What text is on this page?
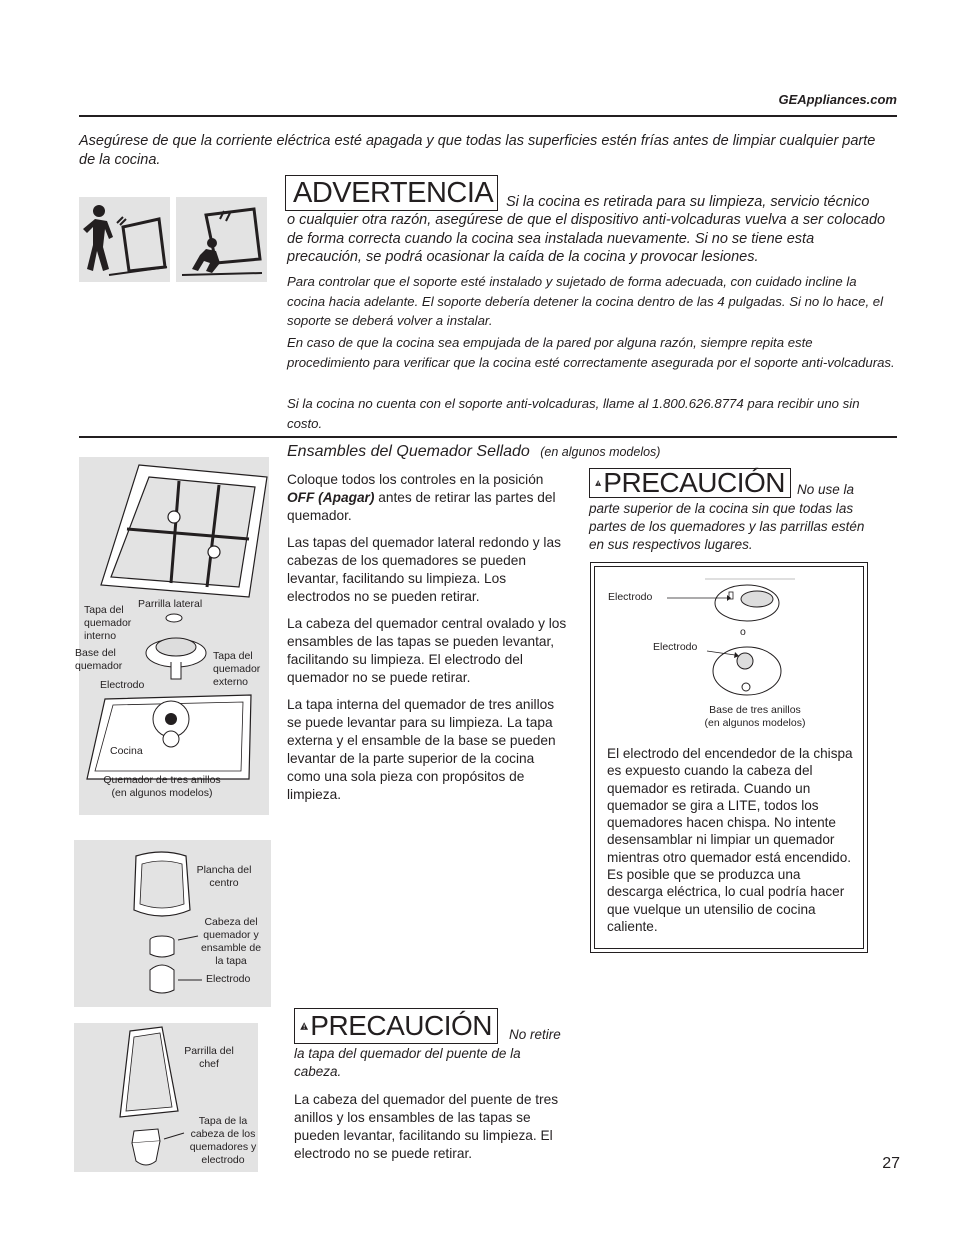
GEAppliances.com
Asegúrese de que la corriente eléctrica esté apagada y que todas las superficies estén frías antes de limpiar cualquier parte de la cocina.
ADVERTENCIA Si la cocina es retirada para su limpieza, servicio técnico
o cualquier otra razón, asegúrese de que el dispositivo anti-volcaduras vuelva a ser colocado de forma correcta cuando la cocina sea instalada nuevamente. Si no se tiene esta precaución, se podrá ocasionar la caída de la cocina y provocar lesiones.
Para controlar que el soporte esté instalado y sujetado de forma adecuada, con cuidado incline la cocina hacia adelante. El soporte debería detener la cocina dentro de las 4 pulgadas. Si no lo hace, el soporte se deberá volver a instalar.
En caso de que la cocina sea empujada de la pared por alguna razón, siempre repita este procedimiento para verificar que la cocina esté correctamente asegurada por el soporte anti-volcaduras.
Si la cocina no cuenta con el soporte anti-volcaduras, llame al 1.800.626.8774 para recibir uno sin costo.
Ensambles del Quemador Sellado (en algunos modelos)
Parrilla lateral
Tapa del quemador interno
Base del quemador
Tapa del quemador externo
Electrodo
Cocina
Quemador de tres anillos
(en algunos modelos)

Coloque todos los controles en la posición OFF (Apagar) antes de retirar las partes del quemador.

Las tapas del quemador lateral redondo y las cabezas de los quemadores se pueden levantar, facilitando su limpieza. Los electrodos no se pueden retirar.

La cabeza del quemador central ovalado y los ensambles de las tapas se pueden levantar, facilitando su limpieza. El electrodo del quemador no se puede retirar.

La tapa interna del quemador de tres anillos se puede levantar para su limpieza. La tapa externa y el ensamble de la base se pueden levantar de la parte superior de la cocina como una sola pieza con propósitos de limpieza.

PRECAUCIÓN No use la
parte superior de la cocina sin que todas las partes de los quemadores y las parrillas estén en sus respectivos lugares.
Electrodo
o
Electrodo
Base de tres anillos
(en algunos modelos)
El electrodo del encendedor de la chispa es expuesto cuando la cabeza del quemador es retirada. Cuando un quemador se gira a LITE, todos los quemadores hacen chispa. No intente desensamblar ni limpiar un quemador mientras otro quemador está encendido. Es posible que se produzca una descarga eléctrica, lo cual podría hacer que vuelque un utensilio de cocina caliente.
Plancha del centro
Cabeza del quemador y ensamble de la tapa
Electrodo
Parrilla del chef
Tapa de la cabeza de los quemadores y electrodo
PRECAUCIÓN No retire
la tapa del quemador del puente de la cabeza.
La cabeza del quemador del puente de tres anillos y los ensambles de las tapas se pueden levantar, facilitando su limpieza. El electrodo no se puede retirar.
27
